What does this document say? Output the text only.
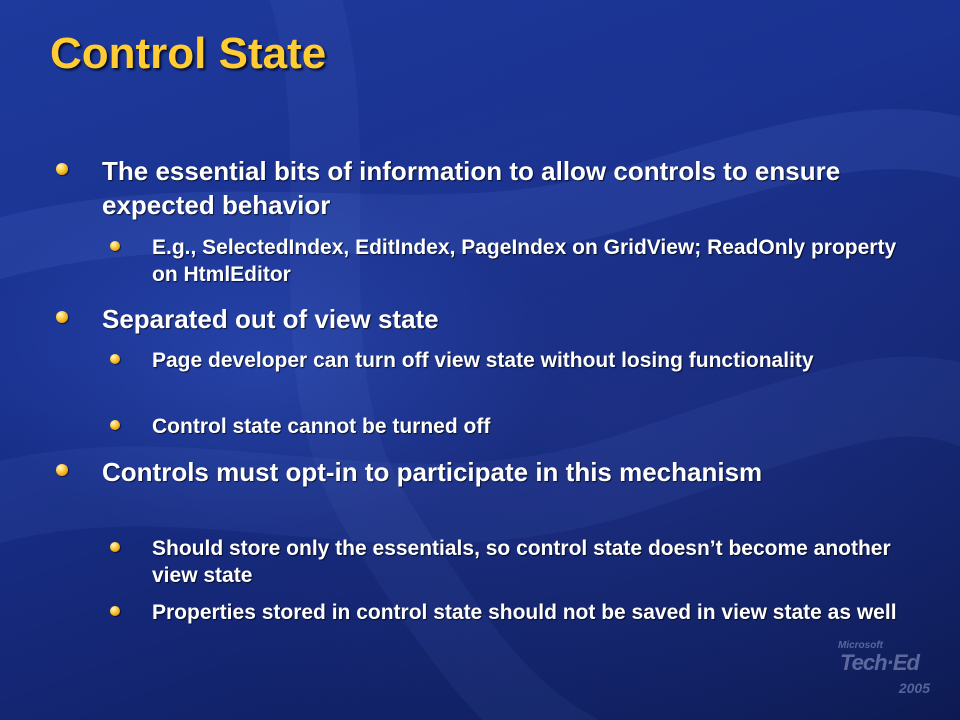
Control State
The essential bits of information to allow controls to ensure expected behavior
E.g., SelectedIndex, EditIndex, PageIndex on GridView; ReadOnly property on HtmlEditor
Separated out of view state
Page developer can turn off view state without losing functionality
Control state cannot be turned off
Controls must opt-in to participate in this mechanism
Should store only the essentials, so control state doesn’t become another view state
Properties stored in control state should not be saved in view state as well
Microsoft
Tech·Ed
2005
